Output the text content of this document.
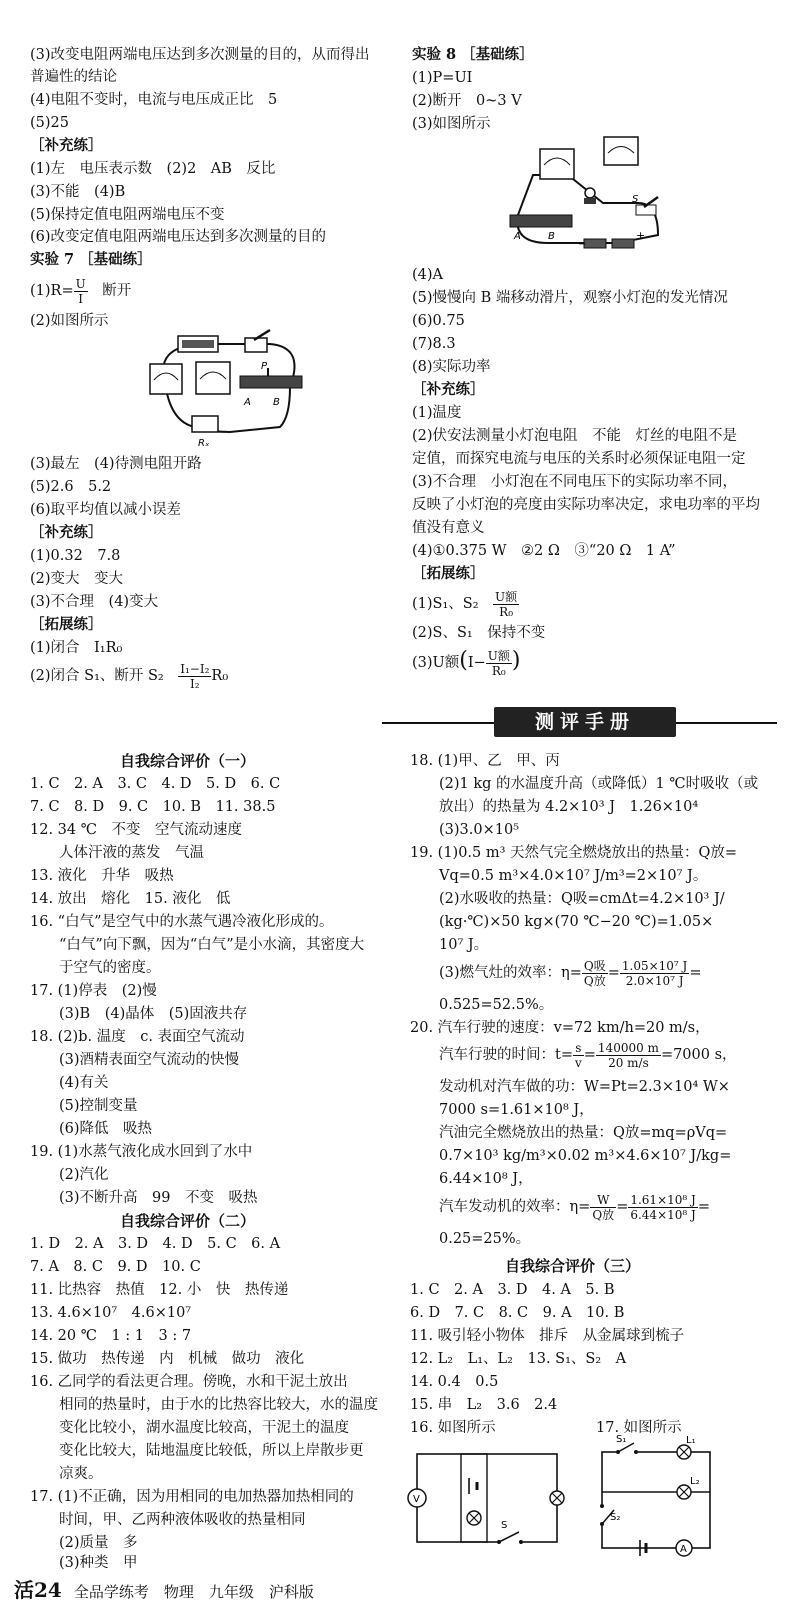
(3)改变电阻两端电压达到多次测量的目的，从而得出
普遍性的结论
(4)电阻不变时，电流与电压成正比　5
(5)25
［补充练］
(1)左　电压表示数　(2)2　AB　反比
(3)不能　(4)B
(5)保持定值电阻两端电压不变
(6)改变定值电阻两端电压达到多次测量的目的
实验 7 ［基础练］
$(1)R= \frac{U}{I}$ 　断开
(2)如图所示
P
A B
Rₓ
(3)最左　(4)待测电阻开路
(5)2.6　5.2
(6)取平均值以减小误差
［补充练］
(1)0.32　7.8
(2)变大　变大
(3)不合理　(4)变大
［拓展练］
(1)闭合　I₁R₀
(2)闭合 S₁、断开 S₂　 $\frac{\text{I₁−I₂}}{\text{I₂}} R_0$
实验 8 ［基础练］
(1)P=UI
(2)断开　0~3 V
(3)如图所示
S
A	B
−
+
(4)A
(5)慢慢向 B 端移动滑片，观察小灯泡的发光情况
(6)0.75
(7)8.3
(8)实际功率
［补充练］
(1)温度
(2)伏安法测量小灯泡电阻　不能　灯丝的电阻不是
定值，而探究电流与电压的关系时必须保证电阻一定
(3)不合理　小灯泡在不同电压下的实际功率不同，
反映了小灯泡的亮度由实际功率决定，求电功率的平均
值没有意义
(4)①0.375 W　②2 Ω　③“20 Ω　1 A”
［拓展练］
(1)S₁、S₂　 $\frac{\text{U额}}{\text{R₀}}$
(2)S、S₁　保持不变
(3)U额($I- \frac{\text{U额}}{\text{R₀}}$ )
测评手册
自我综合评价（一）
1. C　2. A　3. C　4. D　5. D　6. C
7. C　8. D　9. C　10. B　11. 38.5
12. 34 ℃　不变　空气流动速度
　　人体汗液的蒸发　气温
13. 液化　升华　吸热
14. 放出　熔化　15. 液化　低
16. “白气”是空气中的水蒸气遇冷液化形成的。
　　“白气”向下飘，因为“白气”是小水滴，其密度大
　　于空气的密度。
17. (1)停表　(2)慢
　　(3)B　(4)晶体　(5)固液共存
18. (2)b. 温度　c. 表面空气流动
　　(3)酒精表面空气流动的快慢
　　(4)有关
　　(5)控制变量
　　(6)降低　吸热
19. (1)水蒸气液化成水回到了水中
　　(2)汽化
　　(3)不断升高　99　不变　吸热
自我综合评价（二）
1. D　2. A　3. D　4. D　5. C　6. A
7. A　8. C　9. D　10. C
11. 比热容　热值　12. 小　快　热传递
13. 4.6×10⁷　4.6×10⁷
14. 20 ℃　1 : 1　3 : 7
15. 做功　热传递　内　机械　做功　液化
16. 乙同学的看法更合理。傍晚，水和干泥土放出
　　相同的热量时，由于水的比热容比较大，水的温度
　　变化比较小，湖水温度比较高，干泥土的温度
　　变化比较大，陆地温度比较低，所以上岸散步更
　　凉爽。
17. (1)不正确，因为用相同的电加热器加热相同的
　　时间，甲、乙两种液体吸收的热量相同
　　(2)质量　多
　　(3)种类　甲
18. (1)甲、乙　甲、丙
　　(2)1 kg 的水温度升高（或降低）1 ℃时吸收（或
　　放出）的热量为 4.2×10³ J　1.26×10⁴
　　(3)3.0×10⁵
19. (1)0.5 m³ 天然气完全燃烧放出的热量：Q放=
　　Vq=0.5 m³×4.0×10⁷ J/m³=2×10⁷ J。
　　(2)水吸收的热量：Q吸=cmΔt=4.2×10³ J/
　　(kg·℃)×50 kg×(70 ℃−20 ℃)=1.05×
　　10⁷ J。
　　(3)燃气灶的效率：$\eta= \frac{\text{Q吸}}{\text{Q放}} = \frac{\text{1.05×10⁷ J}}{\text{2.0×10⁷ J}}$ =
　　0.525=52.5%。
20. 汽车行驶的速度：v=72 km/h=20 m/s，
　　汽车行驶的时间：$t= \frac{s}{v} = \frac{140000 m}{20 m/s} =7000$ s，
　　发动机对汽车做的功：W=Pt=2.3×10⁴ W×
　　7000 s=1.61×10⁸ J，
　　汽油完全燃烧放出的热量：Q放=mq=ρVq=
　　0.7×10³ kg/m³×0.02 m³×4.6×10⁷ J/kg=
　　6.44×10⁸ J，
　　汽车发动机的效率：$\eta= \frac{W}{\text{Q放}} = \frac{\text{1.61×10⁸ J}}{\text{6.44×10⁸ J}}$ =
　　0.25=25%。
自我综合评价（三）
1. C　2. A　3. D　4. A　5. B
6. D　7. C　8. C　9. A　10. B
11. 吸引轻小物体　排斥　从金属球到梳子
12. L₂　L₁、L₂　13. S₁、S₂　A
14. 0.4　0.5
15. 串　L₂　3.6　2.4
16. 如图所示	17. 如图所示
V
S
S₁	L₁
L₂
S₂
A
活24 全品学练考　物理　九年级　沪科版
